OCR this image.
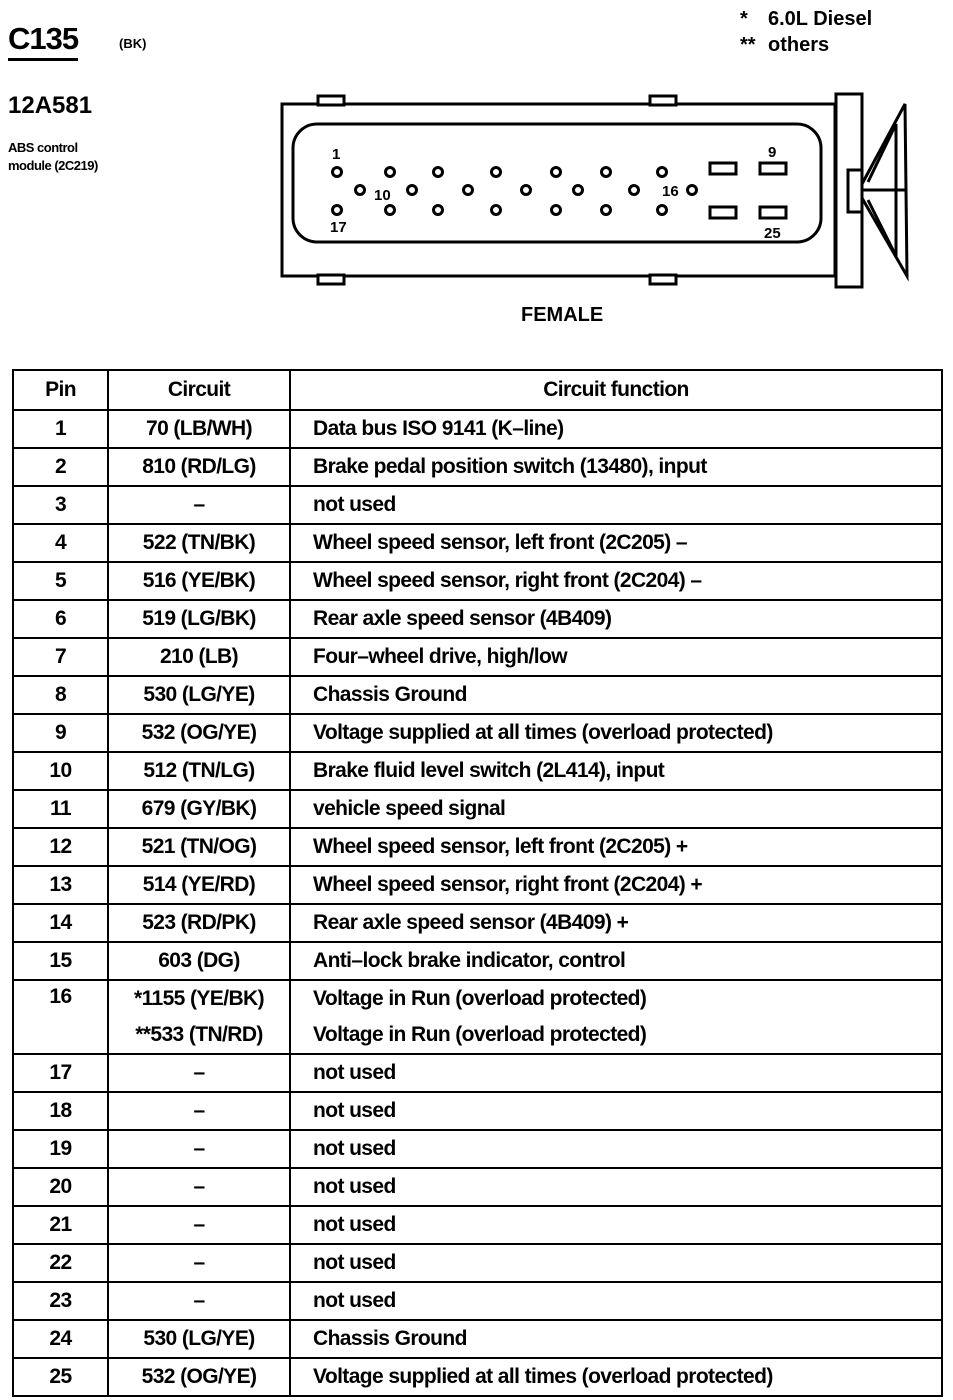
C135	(BK)
* 6.0L Diesel
** others
12A581
ABS control
module (2C219)
1	9
10	16
17	25
FEMALE
Pin	Circuit	Circuit function
1	70 (LB/WH)	Data bus ISO 9141 (K–line)
2	810 (RD/LG)	Brake pedal position switch (13480), input
3	–	not used
4	522 (TN/BK)	Wheel speed sensor, left front (2C205) –
5	516 (YE/BK)	Wheel speed sensor, right front (2C204) –
6	519 (LG/BK)	Rear axle speed sensor (4B409)
7	210 (LB)	Four–wheel drive, high/low
8	530 (LG/YE)	Chassis Ground
9	532 (OG/YE)	Voltage supplied at all times (overload protected)
10	512 (TN/LG)	Brake fluid level switch (2L414), input
11	679 (GY/BK)	vehicle speed signal
12	521 (TN/OG)	Wheel speed sensor, left front (2C205) +
13	514 (YE/RD)	Wheel speed sensor, right front (2C204) +
14	523 (RD/PK)	Rear axle speed sensor (4B409) +
15	603 (DG)	Anti–lock brake indicator, control
16	*1155 (YE/BK)	Voltage in Run (overload protected)
	**533 (TN/RD)	Voltage in Run (overload protected)
17	–	not used
18	–	not used
19	–	not used
20	–	not used
21	–	not used
22	–	not used
23	–	not used
24	530 (LG/YE)	Chassis Ground
25	532 (OG/YE)	Voltage supplied at all times (overload protected)
